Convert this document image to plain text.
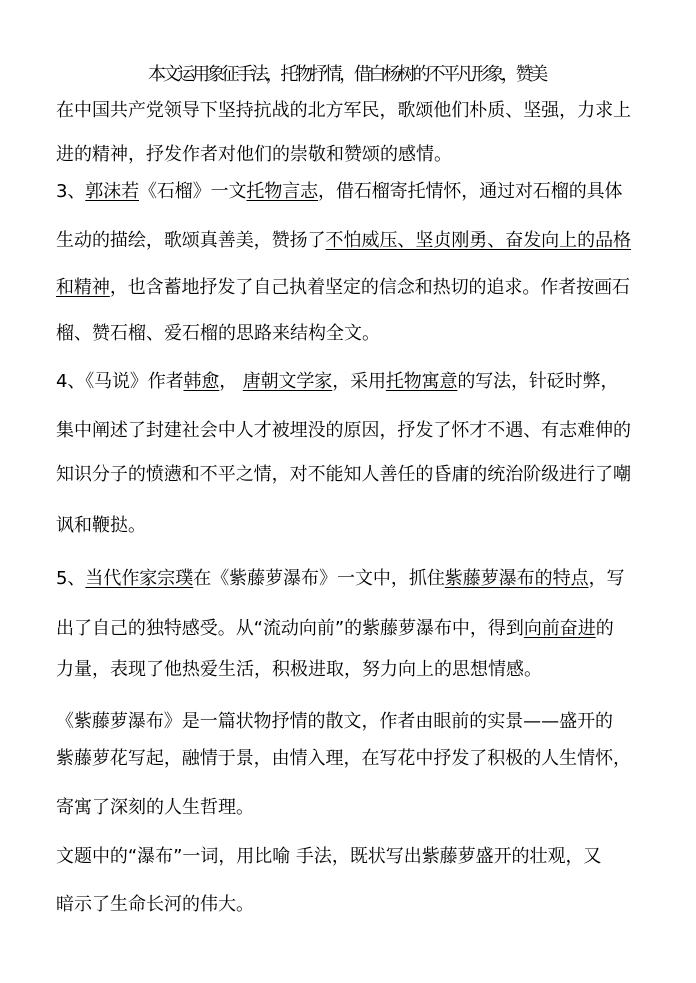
本文运用象征手法，托物抒情，借白杨树的不平凡形象，赞美
在中国共产党领导下坚持抗战的北方军民，歌颂他们朴质、坚强，力求上
进的精神，抒发作者对他们的崇敬和赞颂的感情。
3、郭沫若《石榴》一文托物言志，借石榴寄托情怀，通过对石榴的具体
生动的描绘，歌颂真善美，赞扬了不怕威压、坚贞刚勇、奋发向上的品格
和精神，也含蓄地抒发了自己执着坚定的信念和热切的追求。作者按画石
榴、赞石榴、爱石榴的思路来结构全文。
4、《马说》作者韩愈， 唐朝文学家，采用托物寓意的写法，针砭时弊，
集中阐述了封建社会中人才被埋没的原因，抒发了怀才不遇、有志难伸的
知识分子的愤懑和不平之情，对不能知人善任的昏庸的统治阶级进行了嘲
讽和鞭挞。
5、当代作家宗璞在《紫藤萝瀑布》一文中，抓住紫藤萝瀑布的特点，写
出了自己的独特感受。从“流动向前”的紫藤萝瀑布中，得到向前奋进的
力量，表现了他热爱生活，积极进取，努力向上的思想情感。
《紫藤萝瀑布》是一篇状物抒情的散文，作者由眼前的实景——盛开的
紫藤萝花写起，融情于景，由情入理，在写花中抒发了积极的人生情怀，
寄寓了深刻的人生哲理。
文题中的“瀑布”一词，用比喻 手法，既状写出紫藤萝盛开的壮观，又
暗示了生命长河的伟大。
